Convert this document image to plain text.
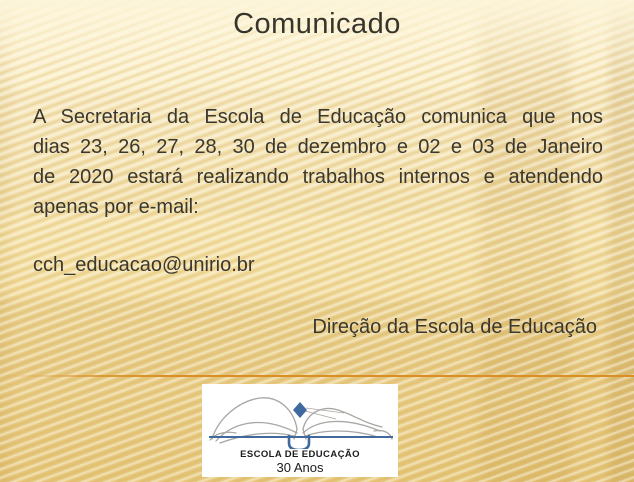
Comunicado
A Secretaria da Escola de Educação comunica que nos
dias 23, 26, 27, 28, 30 de dezembro e 02 e 03 de Janeiro
de 2020 estará realizando trabalhos internos e atendendo
apenas por e-mail:
cch_educacao@unirio.br
Direção da Escola de Educação
ESCOLA DE EDUCAÇÃO
30 Anos
